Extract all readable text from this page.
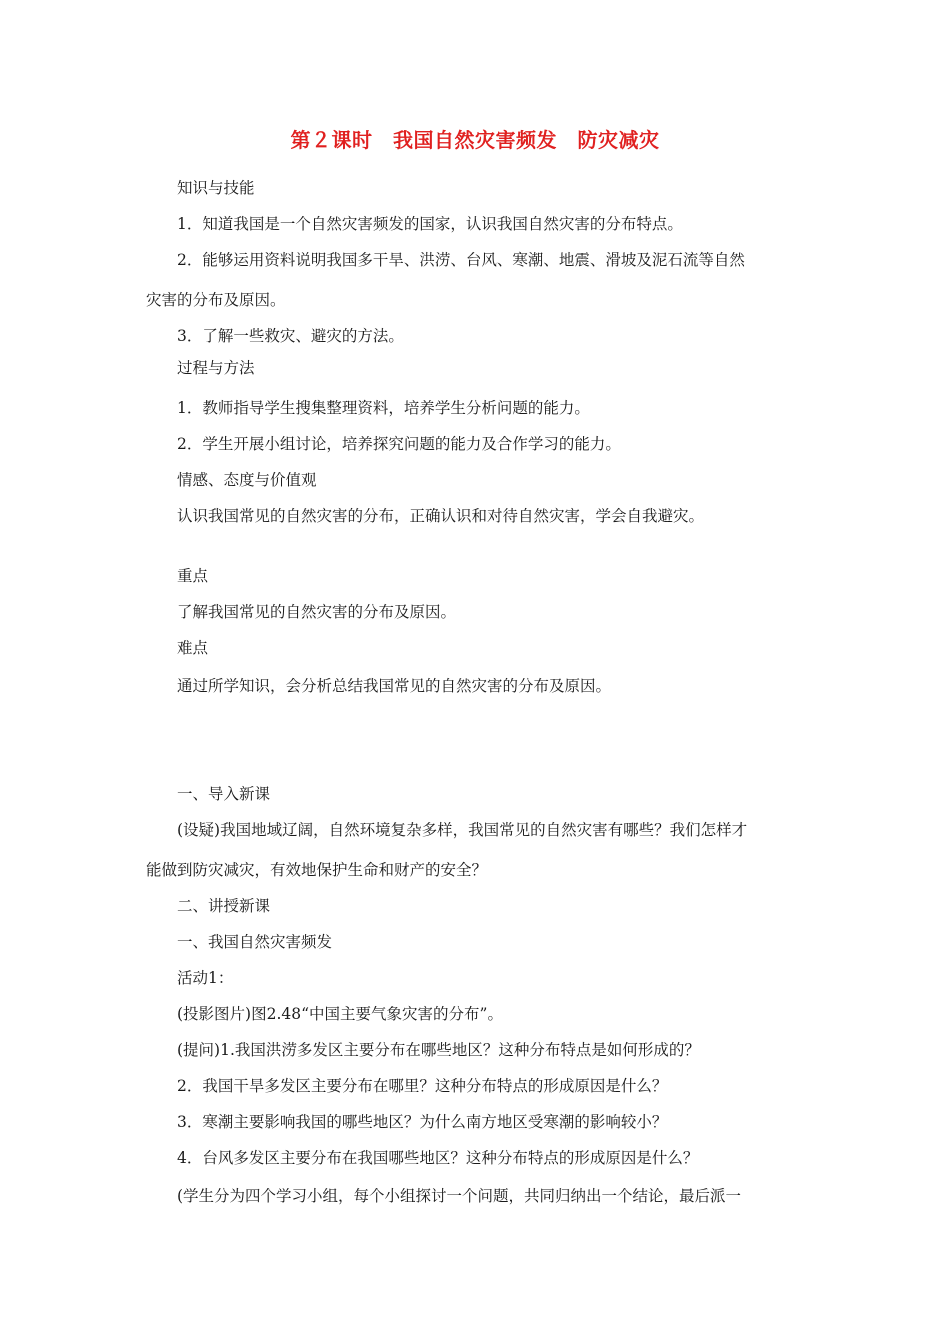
第２课时　我国自然灾害频发　防灾减灾
知识与技能
1．知道我国是一个自然灾害频发的国家，认识我国自然灾害的分布特点。
2．能够运用资料说明我国多干旱、洪涝、台风、寒潮、地震、滑坡及泥石流等自然
灾害的分布及原因。
3．了解一些救灾、避灾的方法。
过程与方法
1．教师指导学生搜集整理资料，培养学生分析问题的能力。
2．学生开展小组讨论，培养探究问题的能力及合作学习的能力。
情感、态度与价值观
认识我国常见的自然灾害的分布，正确认识和对待自然灾害，学会自我避灾。
重点
了解我国常见的自然灾害的分布及原因。
难点
通过所学知识，会分析总结我国常见的自然灾害的分布及原因。
一、导入新课
(设疑)我国地域辽阔，自然环境复杂多样，我国常见的自然灾害有哪些？我们怎样才
能做到防灾减灾，有效地保护生命和财产的安全？
二、讲授新课
一、我国自然灾害频发
活动1：
(投影图片)图2.48“中国主要气象灾害的分布”。
(提问)1.我国洪涝多发区主要分布在哪些地区？这种分布特点是如何形成的？
2．我国干旱多发区主要分布在哪里？这种分布特点的形成原因是什么？
3．寒潮主要影响我国的哪些地区？为什么南方地区受寒潮的影响较小？
4．台风多发区主要分布在我国哪些地区？这种分布特点的形成原因是什么？
(学生分为四个学习小组，每个小组探讨一个问题，共同归纳出一个结论，最后派一
